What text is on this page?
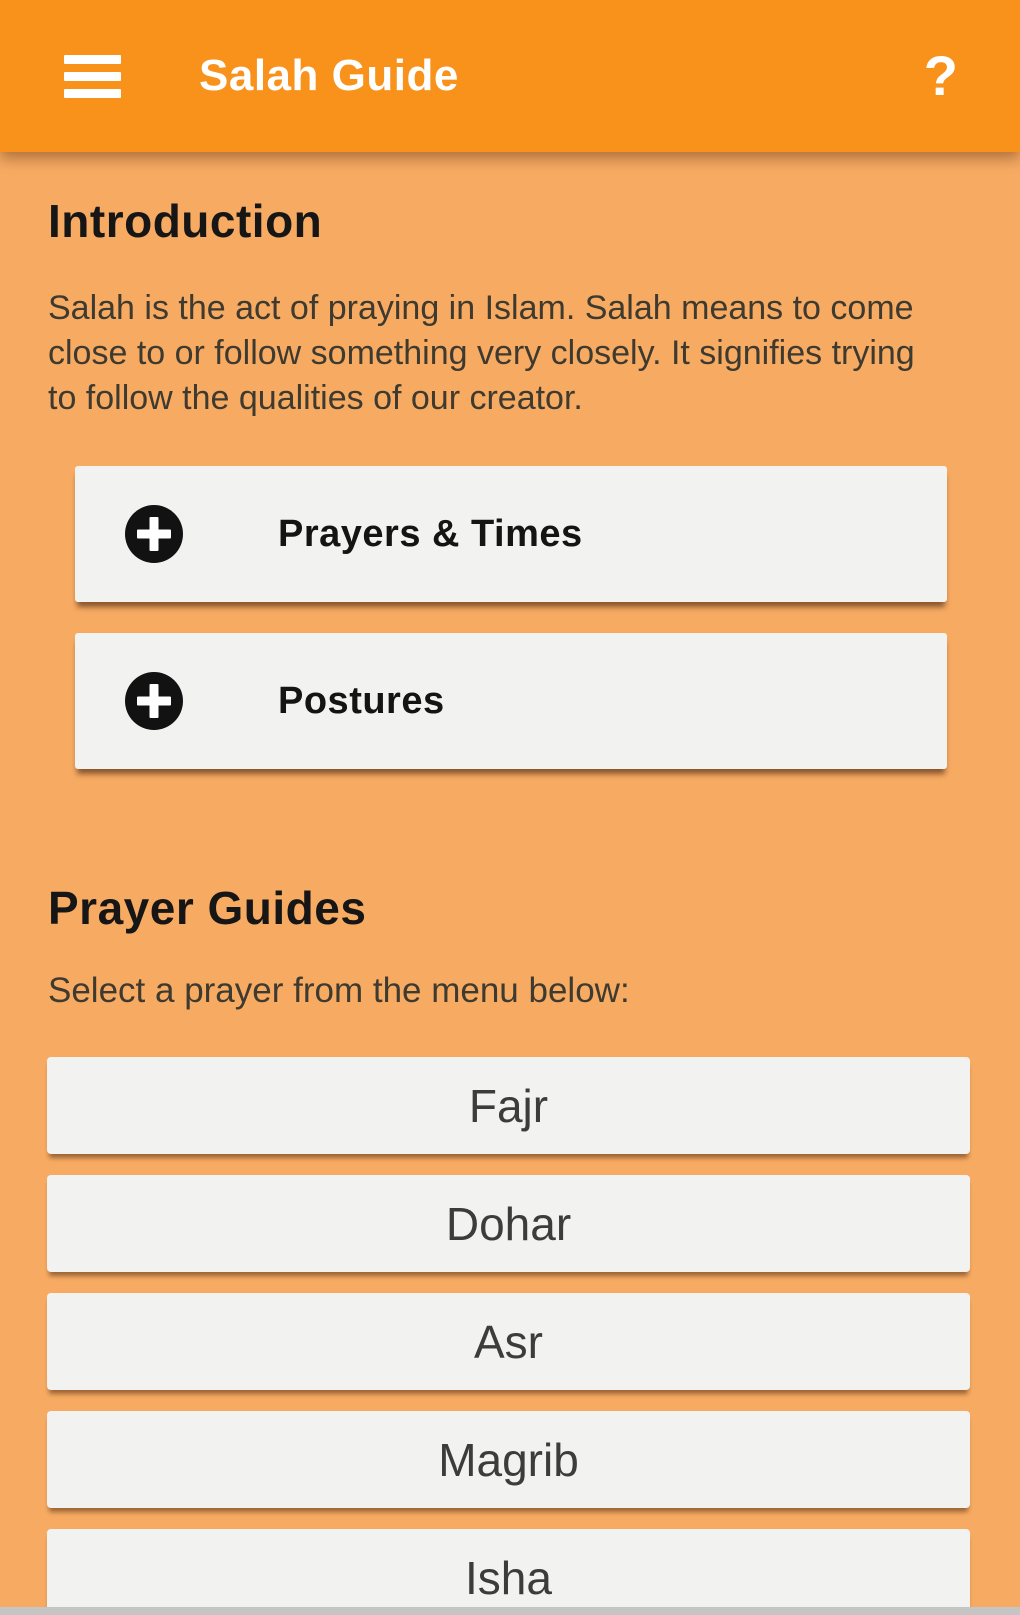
Salah Guide	?
Introduction

Salah is the act of praying in Islam. Salah means to come close to or follow something very closely. It signifies trying to follow the qualities of our creator.

Prayers & Times
Postures
Prayer Guides

Select a prayer from the menu below:

Fajr
Dohar
Asr
Magrib
Isha
